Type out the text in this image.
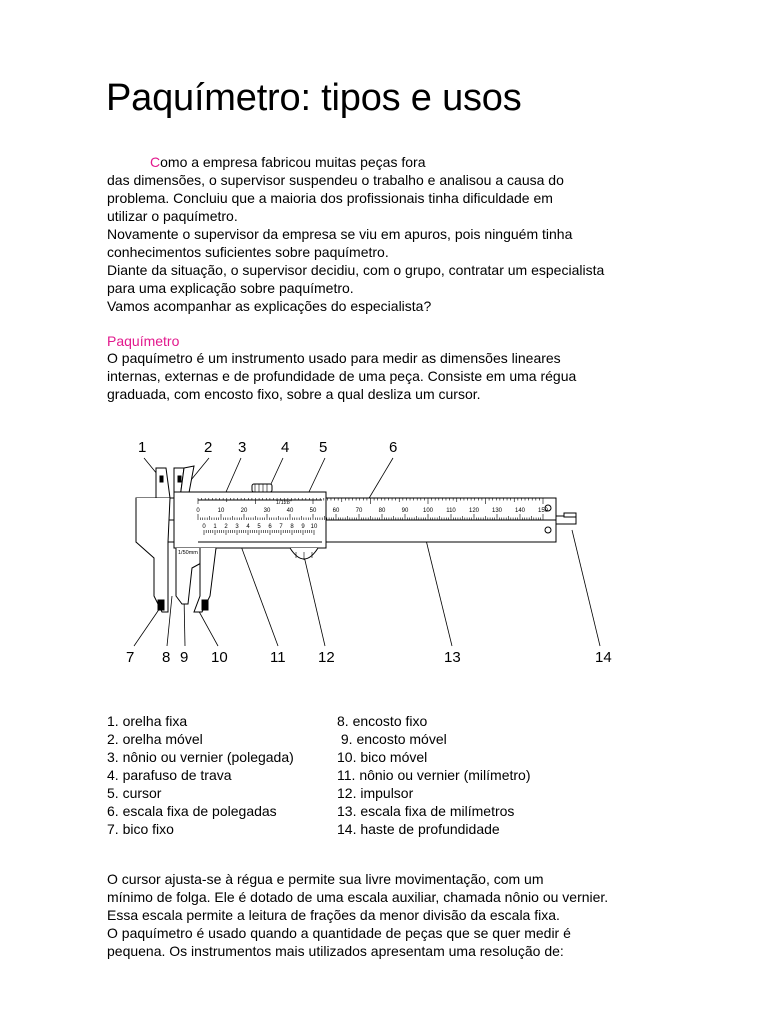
Paquímetro: tipos e usos
Como a empresa fabricou muitas peças fora
das dimensões, o supervisor suspendeu o trabalho e analisou a causa do
problema. Concluiu que a maioria dos profissionais tinha dificuldade em
utilizar o paquímetro.
Novamente o supervisor da empresa se viu em apuros, pois ninguém tinha
conhecimentos suficientes sobre paquímetro.
Diante da situação, o supervisor decidiu, com o grupo, contratar um especialista
para uma explicação sobre paquímetro.
Vamos acompanhar as explicações do especialista?
Paquímetro
O paquímetro é um instrumento usado para medir as dimensões lineares
internas, externas e de profundidade de uma peça. Consiste em uma régua
graduada, com encosto fixo, sobre a qual desliza um cursor.
1	2 3 4 5	6
7 8 9 10	11 12	13	14
0	10	20	30	40	50	60	70	80	90 100 110 120 130 140 150
0 1 2 3 4 5 6 7 8 9 10
1/128"
1/50mm
1. orelha fixa
2. orelha móvel
3. nônio ou vernier (polegada)
4. parafuso de trava
5. cursor
6. escala fixa de polegadas
7. bico fixo
8. encosto fixo
9. encosto móvel
10. bico móvel
11. nônio ou vernier (milímetro)
12. impulsor
13. escala fixa de milímetros
14. haste de profundidade
O cursor ajusta-se à régua e permite sua livre movimentação, com um
mínimo de folga. Ele é dotado de uma escala auxiliar, chamada nônio ou vernier.
Essa escala permite a leitura de frações da menor divisão da escala fixa.
O paquímetro é usado quando a quantidade de peças que se quer medir é
pequena. Os instrumentos mais utilizados apresentam uma resolução de:
